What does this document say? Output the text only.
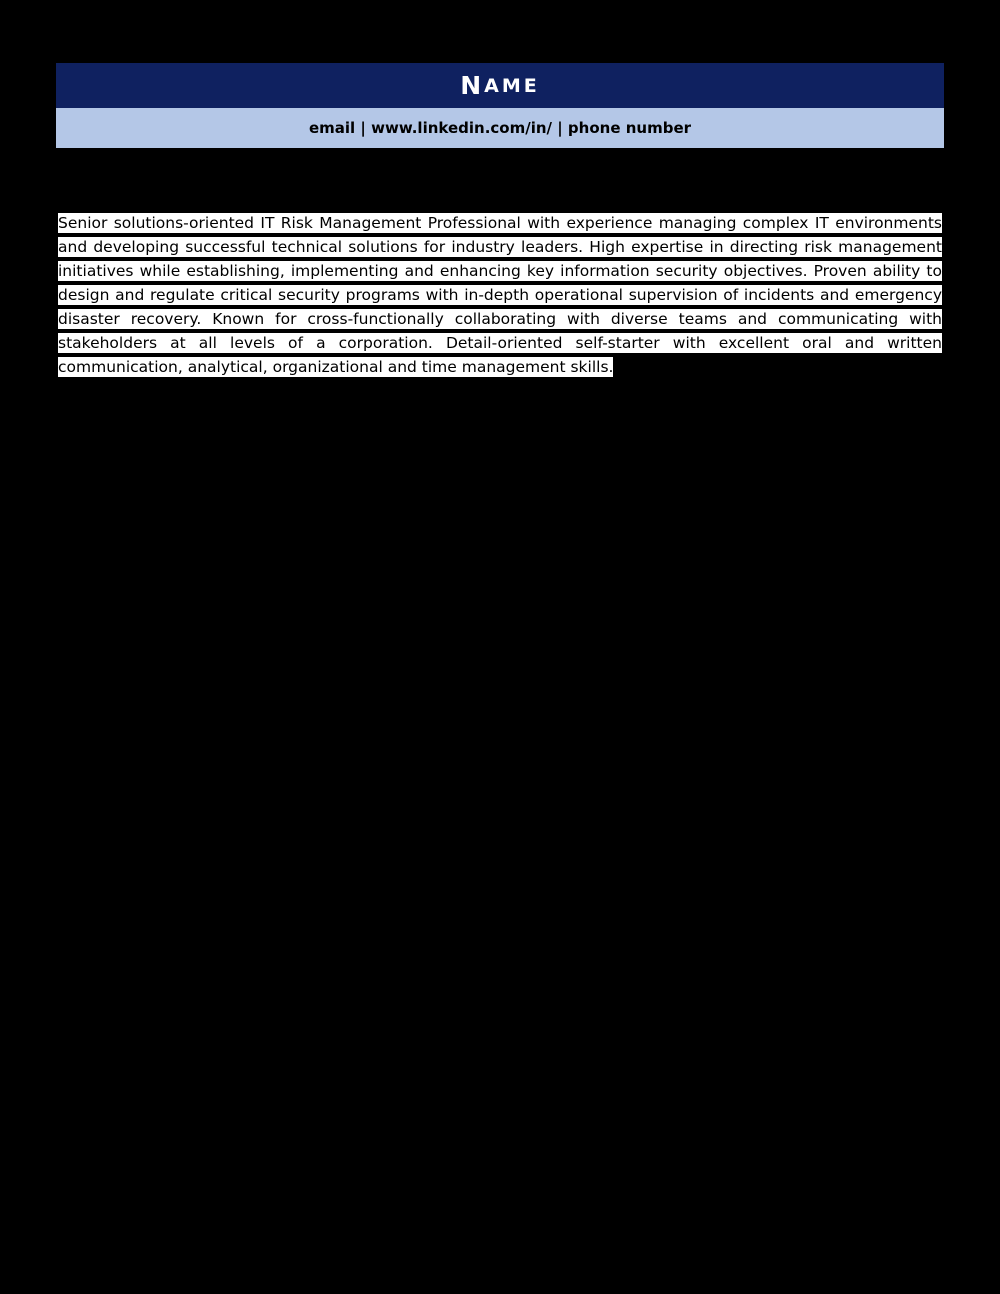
N AME
email | www.linkedin.com/in/ | phone number
Information Security Analyst

Senior solutions-oriented IT Risk Management Professional with experience managing complex IT environments and developing successful technical solutions for industry leaders. High expertise in directing risk management initiatives while establishing, implementing and enhancing key information security objectives. Proven ability to design and regulate critical security programs with in-depth operational supervision of incidents and emergency disaster recovery. Known for cross-functionally collaborating with diverse teams and communicating with stakeholders at all levels of a corporation. Detail-oriented self-starter with excellent oral and written communication, analytical, organizational and time management skills.

CORE COMPETENCIES
WORK EXPERIENCE
EDUCATION
